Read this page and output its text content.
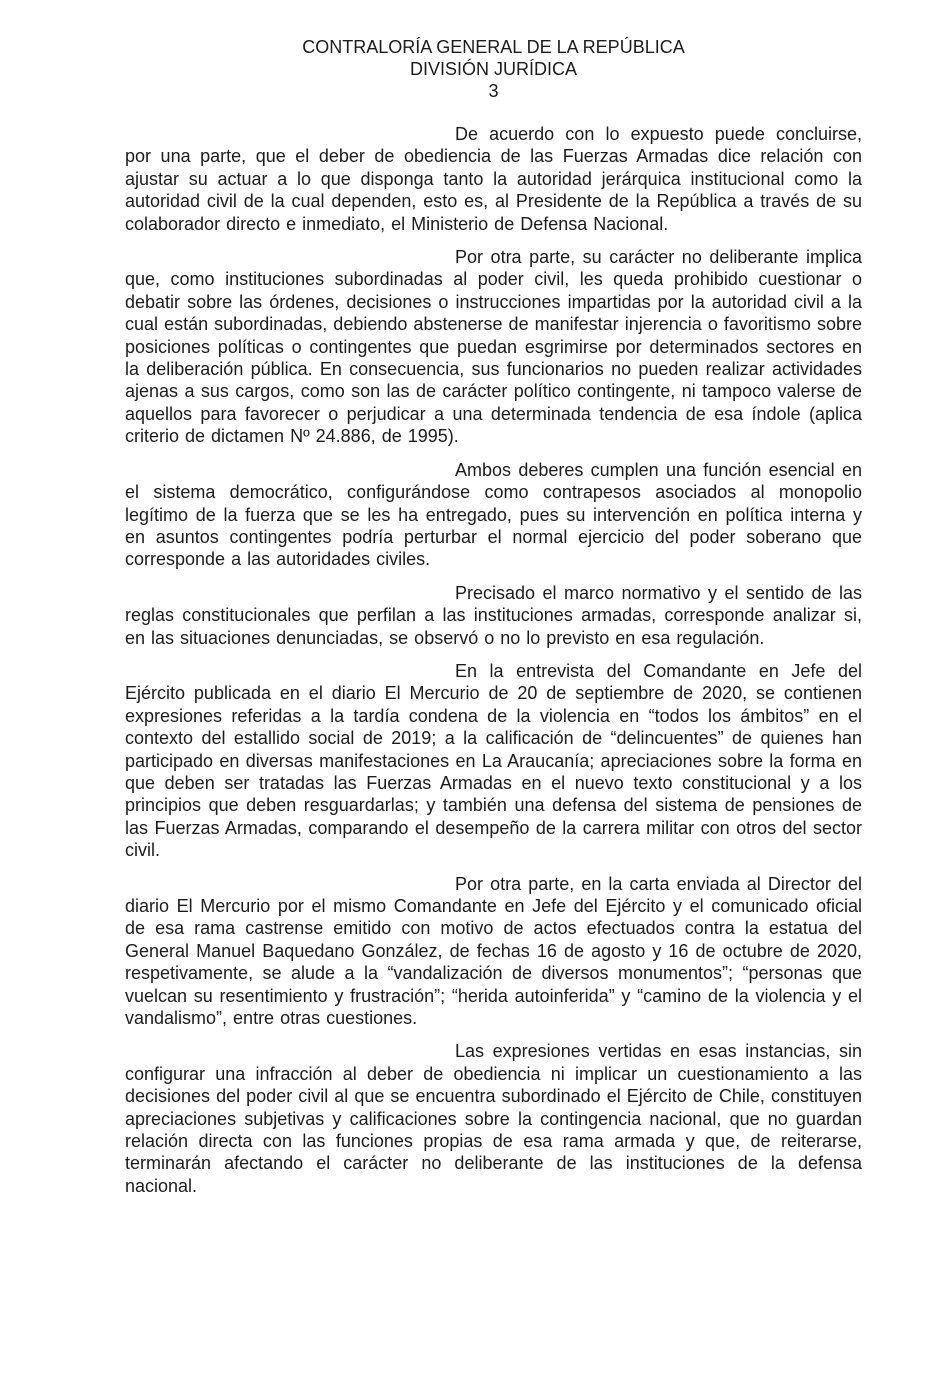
CONTRALORÍA GENERAL DE LA REPÚBLICA
DIVISIÓN JURÍDICA
3

De acuerdo con lo expuesto puede concluirse, por una parte, que el deber de obediencia de las Fuerzas Armadas dice relación con ajustar su actuar a lo que disponga tanto la autoridad jerárquica institucional como la autoridad civil de la cual dependen, esto es, al Presidente de la República a través de su colaborador directo e inmediato, el Ministerio de Defensa Nacional.

Por otra parte, su carácter no deliberante implica que, como instituciones subordinadas al poder civil, les queda prohibido cuestionar o debatir sobre las órdenes, decisiones o instrucciones impartidas por la autoridad civil a la cual están subordinadas, debiendo abstenerse de manifestar injerencia o favoritismo sobre posiciones políticas o contingentes que puedan esgrimirse por determinados sectores en la deliberación pública. En consecuencia, sus funcionarios no pueden realizar actividades ajenas a sus cargos, como son las de carácter político contingente, ni tampoco valerse de aquellos para favorecer o perjudicar a una determinada tendencia de esa índole (aplica criterio de dictamen Nº 24.886, de 1995).

Ambos deberes cumplen una función esencial en el sistema democrático, configurándose como contrapesos asociados al monopolio legítimo de la fuerza que se les ha entregado, pues su intervención en política interna y en asuntos contingentes podría perturbar el normal ejercicio del poder soberano que corresponde a las autoridades civiles.

Precisado el marco normativo y el sentido de las reglas constitucionales que perfilan a las instituciones armadas, corresponde analizar si, en las situaciones denunciadas, se observó o no lo previsto en esa regulación.

En la entrevista del Comandante en Jefe del Ejército publicada en el diario El Mercurio de 20 de septiembre de 2020, se contienen expresiones referidas a la tardía condena de la violencia en “todos los ámbitos” en el contexto del estallido social de 2019; a la calificación de “delincuentes” de quienes han participado en diversas manifestaciones en La Araucanía; apreciaciones sobre la forma en que deben ser tratadas las Fuerzas Armadas en el nuevo texto constitucional y a los principios que deben resguardarlas; y también una defensa del sistema de pensiones de las Fuerzas Armadas, comparando el desempeño de la carrera militar con otros del sector civil.

Por otra parte, en la carta enviada al Director del diario El Mercurio por el mismo Comandante en Jefe del Ejército y el comunicado oficial de esa rama castrense emitido con motivo de actos efectuados contra la estatua del General Manuel Baquedano González, de fechas 16 de agosto y 16 de octubre de 2020, respetivamente, se alude a la “vandalización de diversos monumentos”; “personas que vuelcan su resentimiento y frustración”; “herida autoinferida” y “camino de la violencia y el vandalismo”, entre otras cuestiones.

Las expresiones vertidas en esas instancias, sin configurar una infracción al deber de obediencia ni implicar un cuestionamiento a las decisiones del poder civil al que se encuentra subordinado el Ejército de Chile, constituyen apreciaciones subjetivas y calificaciones sobre la contingencia nacional, que no guardan relación directa con las funciones propias de esa rama armada y que, de reiterarse, terminarán afectando el carácter no deliberante de las instituciones de la defensa nacional.
